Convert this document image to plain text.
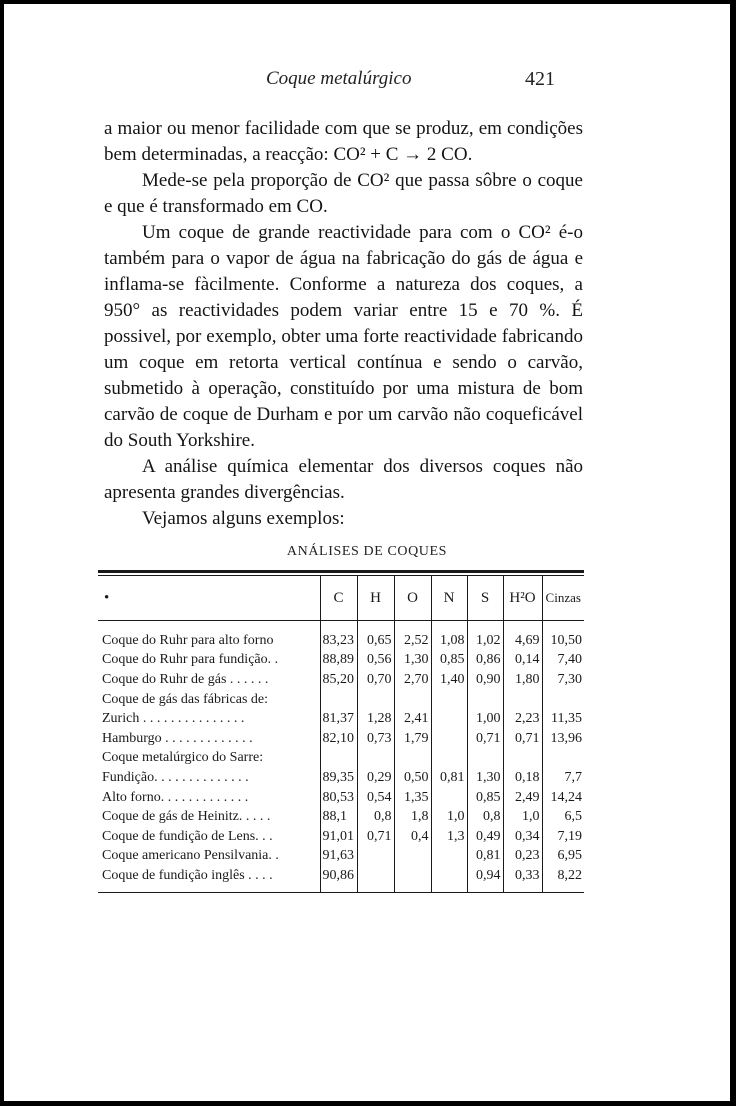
Coque metalúrgico	421

a maior ou menor facilidade com que se produz, em condições bem determinadas, a reacção: CO² + C → 2 CO.

Mede-se pela proporção de CO² que passa sôbre o coque e que é transformado em CO.

Um coque de grande reactividade para com o CO² é-o também para o vapor de água na fabricação do gás de água e inflama-se fàcilmente. Conforme a natureza dos coques, a 950° as reactividades podem variar entre 15 e 70 %. É possivel, por exemplo, obter uma forte reactividade fabricando um coque em retorta vertical contínua e sendo o carvão, submetido à operação, constituído por uma mistura de bom carvão de coque de Durham e por um carvão não coqueficável do South Yorkshire.

A análise química elementar dos diversos coques não apresenta grandes divergências.

Vejamos alguns exemplos:

ANÁLISES DE COQUES
•	C	H	O	N	S	H²O	Cinzas

Coque do Ruhr para alto forno	83,23	0,65	2,52	1,08	1,02	4,69	10,50
Coque do Ruhr para fundição. .	88,89	0,56	1,30	0,85	0,86	0,14	7,40
Coque do Ruhr de gás . . . . . .	85,20	0,70	2,70	1,40	0,90	1,80	7,30
Coque de gás das fábricas de:							
Zurich . . . . . . . . . . . . . . .	81,37	1,28	2,41		1,00	2,23	11,35
Hamburgo . . . . . . . . . . . . .	82,10	0,73	1,79		0,71	0,71	13,96
Coque metalúrgico do Sarre:							
Fundição. . . . . . . . . . . . . .	89,35	0,29	0,50	0,81	1,30	0,18	7,7
Alto forno. . . . . . . . . . . . .	80,53	0,54	1,35		0,85	2,49	14,24
Coque de gás de Heinitz. . . . .	88,1	0,8	1,8	1,0	0,8	1,0	6,5
Coque de fundição de Lens. . .	91,01	0,71	0,4	1,3	0,49	0,34	7,19
Coque americano Pensilvania. .	91,63				0,81	0,23	6,95
Coque de fundição inglês . . . .	90,86				0,94	0,33	8,22
